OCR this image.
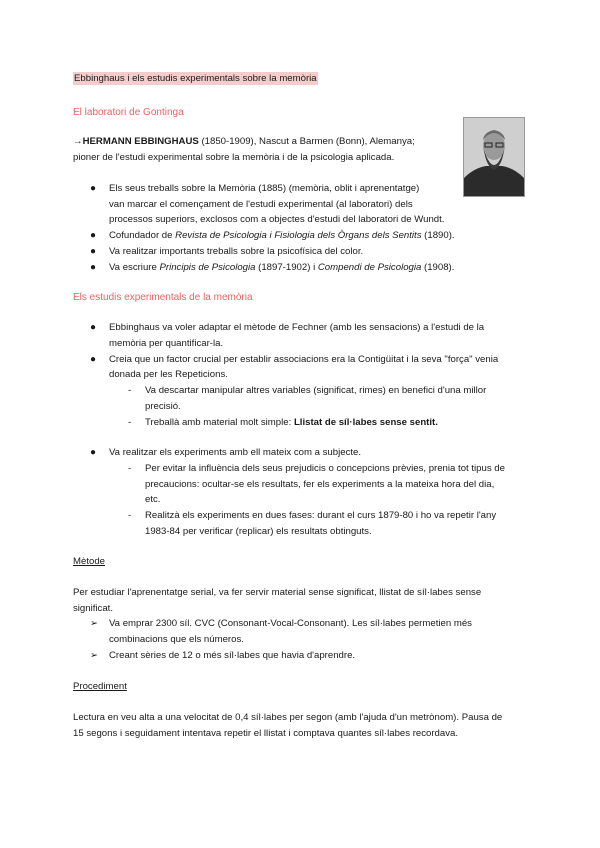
Ebbinghaus i els estudis experimentals sobre la memòria
El laboratori de Gontinga
→HERMANN EBBINGHAUS (1850-1909), Nascut a Barmen (Bonn), Alemanya;
pioner de l'estudi experimental sobre la memòria i de la psicologia aplicada.
● Els seus treballs sobre la Memòria (1885) (memòria, oblit i aprenentatge)
van marcar el començament de l'estudi experimental (al laboratori) dels
processos superiors, exclosos com a objectes d'estudi del laboratori de Wundt.
● Cofundador de Revista de Psicologia i Fisiologia dels Òrgans dels Sentits (1890).
● Va realitzar importants treballs sobre la psicofísica del color.
● Va escriure Principis de Psicologia (1897-1902) i Compendi de Psicologia (1908).
Els estudis experimentals de la memòria
● Ebbinghaus va voler adaptar el mètode de Fechner (amb les sensacions) a l'estudi de la
memòria per quantificar-la.
● Creia que un factor crucial per establir associacions era la Contigüitat i la seva "força" venia
donada per les Repeticions.
- Va descartar manipular altres variables (significat, rimes) en benefici d'una millor
precisió.
- Treballà amb material molt simple: Llistat de síl·labes sense sentit.
● Va realitzar els experiments amb ell mateix com a subjecte.
- Per evitar la influència dels seus prejudicis o concepcions prèvies, prenia tot tipus de
precaucions: ocultar-se els resultats, fer els experiments a la mateixa hora del dia,
etc.
- Realitzà els experiments en dues fases: durant el curs 1879-80 i ho va repetir l'any
1983-84 per verificar (replicar) els resultats obtinguts.
Mètode
Per estudiar l'aprenentatge serial, va fer servir material sense significat, llistat de síl·labes sense
significat.
➢ Va emprar 2300 síl. CVC (Consonant-Vocal-Consonant). Les síl·labes permetien més
combinacions que els números.
➢ Creant sèries de 12 o més síl·labes que havia d'aprendre.
Procediment
Lectura en veu alta a una velocitat de 0,4 síl·labes per segon (amb l'ajuda d'un metrònom). Pausa de
15 segons i seguidament intentava repetir el llistat i comptava quantes síl·labes recordava.
